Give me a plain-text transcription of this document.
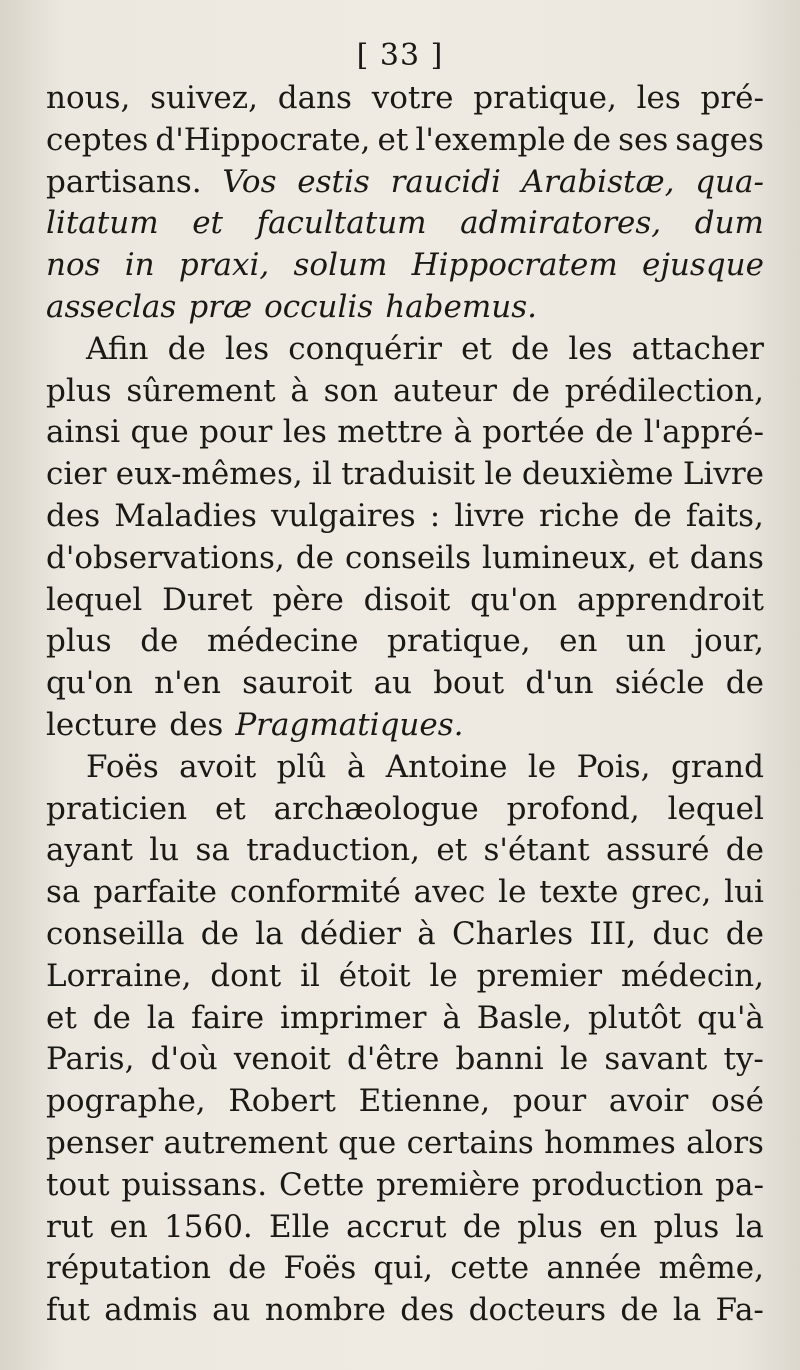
[ 33 ]
nous, suivez, dans votre pratique, les pré-
ceptes d'Hippocrate, et l'exemple de ses sages
partisans. Vos estis raucidi Arabistæ, qua-
litatum et facultatum admiratores, dum
nos in praxi, solum Hippocratem ejusque
asseclas præ occulis habemus.
Afin de les conquérir et de les attacher
plus sûrement à son auteur de prédilection,
ainsi que pour les mettre à portée de l'appré-
cier eux-mêmes, il traduisit le deuxième Livre
des Maladies vulgaires : livre riche de faits,
d'observations, de conseils lumineux, et dans
lequel Duret père disoit qu'on apprendroit
plus de médecine pratique, en un jour,
qu'on n'en sauroit au bout d'un siécle de
lecture des Pragmatiques.
Foës avoit plû à Antoine le Pois, grand
praticien et archæologue profond, lequel
ayant lu sa traduction, et s'étant assuré de
sa parfaite conformité avec le texte grec, lui
conseilla de la dédier à Charles III, duc de
Lorraine, dont il étoit le premier médecin,
et de la faire imprimer à Basle, plutôt qu'à
Paris, d'où venoit d'être banni le savant ty-
pographe, Robert Etienne, pour avoir osé
penser autrement que certains hommes alors
tout puissans. Cette première production pa-
rut en 1560. Elle accrut de plus en plus la
réputation de Foës qui, cette année même,
fut admis au nombre des docteurs de la Fa-
